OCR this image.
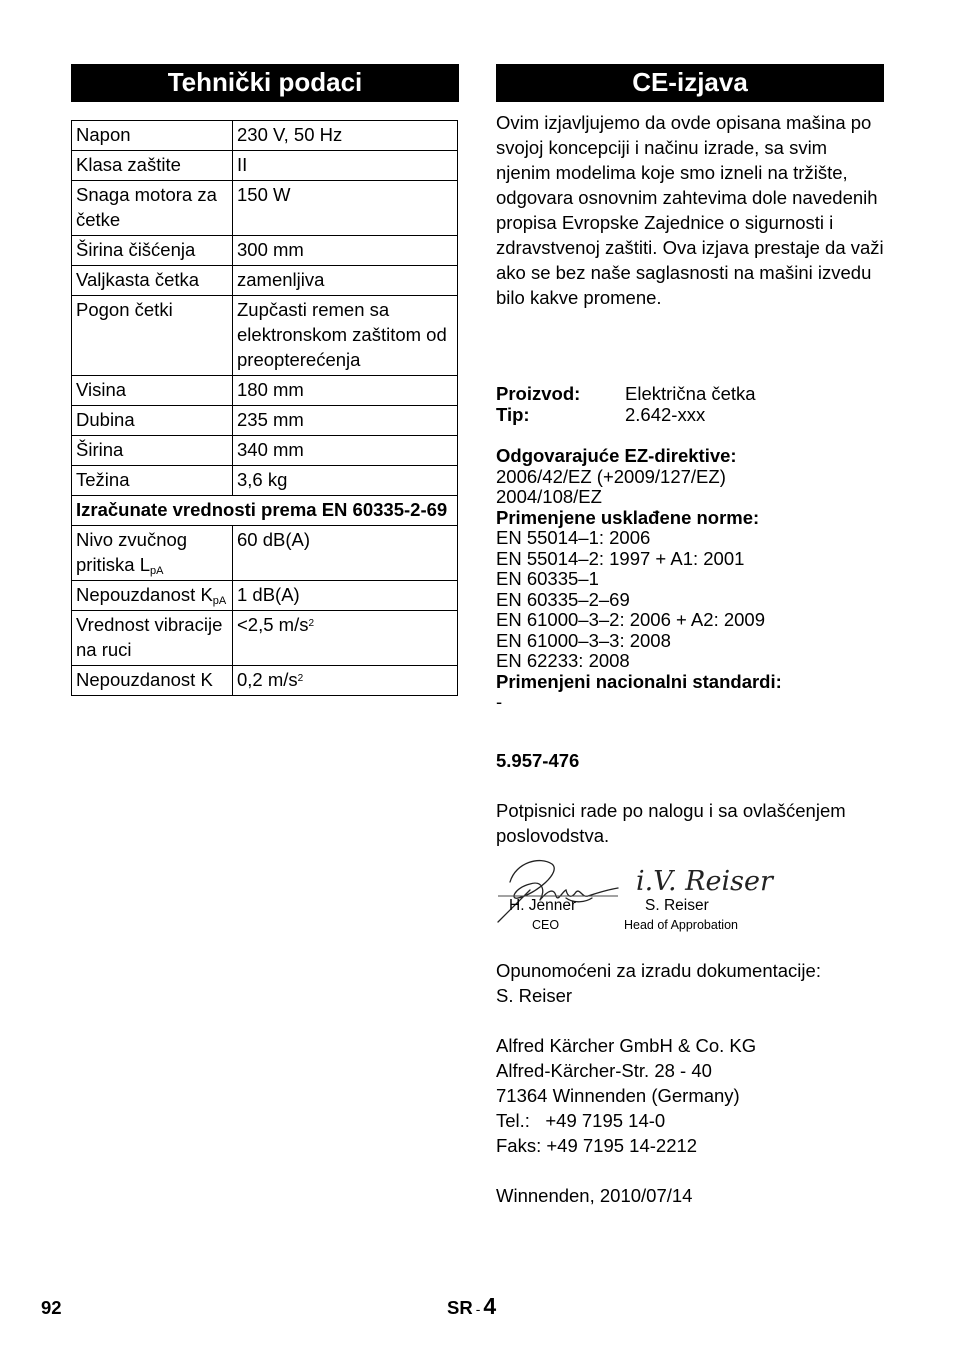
Tehnički podaci
Napon	230 V, 50 Hz
Klasa zaštite	II
Snaga motora za četke	150 W
Širina čišćenja	300 mm
Valjkasta četka	zamenljiva
Pogon četki	Zupčasti remen sa elektronskom zaštitom od preopterećenja
Visina	180 mm
Dubina	235 mm
Širina	340 mm
Težina	3,6 kg
Izračunate vrednosti prema EN 60335-2-69	
Nivo zvučnog pritiska $L_{pA}$	60 dB(A)
Nepouzdanost $K_{pA}$	1 dB(A)
Vrednost vibracije na ruci	<2,5 $m/s^2$
Nepouzdanost K	0,2 $m/s^2$
CE-izjava

Ovim izjavljujemo da ovde opisana mašina po svojoj koncepciji i načinu izrade, sa svim njenim modelima koje smo izneli na tržište, odgovara osnovnim zahtevima dole navedenih propisa Evropske Zajednice o sigurnosti i zdravstvenoj zaštiti. Ova izjava prestaje da važi ako se bez naše saglasnosti na mašini izvedu bilo kakve promene.

Proizvod:	Električna četka
Tip:	2.642-xxx
Odgovarajuće EZ-direktive:
2006/42/EZ (+2009/127/EZ)
2004/108/EZ
Primenjene usklađene norme:
EN 55014–1: 2006
EN 55014–2: 1997 + A1: 2001
EN 60335–1
EN 60335–2–69
EN 61000–3–2: 2006 + A2: 2009
EN 61000–3–3: 2008
EN 62233: 2008
Primenjeni nacionalni standardi:
-
5.957-476

Potpisnici rade po nalogu i sa ovlašćenjem poslovodstva.

i.V. Reiser
H. Jenner
CEO
S. Reiser
Head of Approbation
Opunomoćeni za izradu dokumentacije:
S. Reiser
Alfred Kärcher GmbH & Co. KG
Alfred-Kärcher-Str. 28 - 40
71364 Winnenden (Germany)
Tel.:   +49 7195 14-0
Faks: +49 7195 14-2212
Winnenden, 2010/07/14
92	SR - 4
